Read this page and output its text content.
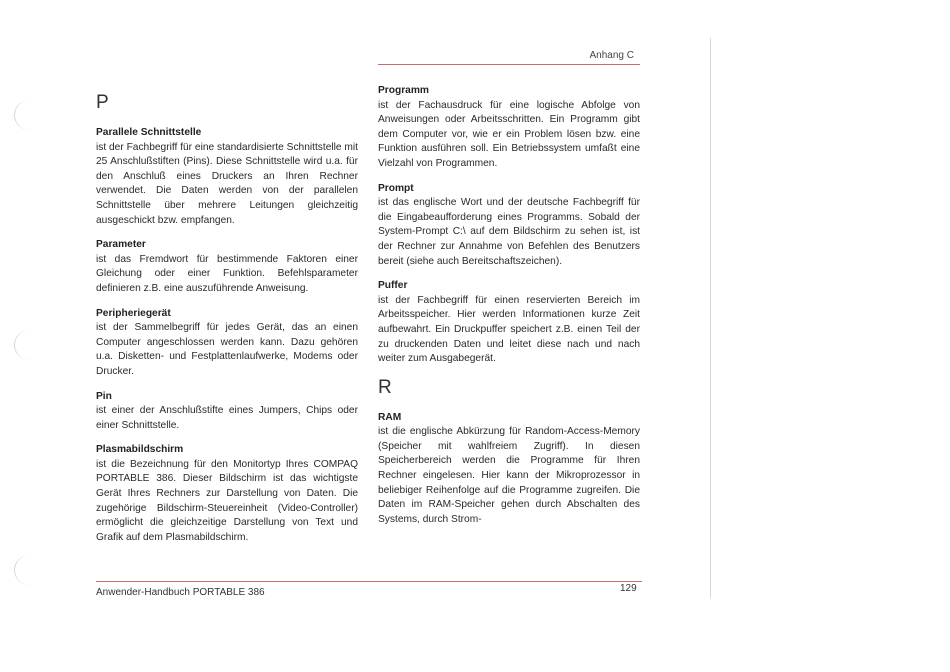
Anhang C
P
Parallele Schnittstelle
ist der Fachbegriff für eine standardisierte Schnittstelle mit 25 Anschlußstiften (Pins). Diese Schnittstelle wird u.a. für den Anschluß eines Druckers an Ihren Rechner verwendet. Die Daten werden von der parallelen Schnittstelle über mehrere Leitungen gleichzeitig ausgeschickt bzw. empfangen.
Parameter
ist das Fremdwort für bestimmende Faktoren einer Gleichung oder einer Funktion. Befehlsparameter definieren z.B. eine auszuführende Anweisung.
Peripheriegerät
ist der Sammelbegriff für jedes Gerät, das an einen Computer angeschlossen werden kann. Dazu gehören u.a. Disketten- und Festplattenlaufwerke, Modems oder Drucker.
Pin
ist einer der Anschlußstifte eines Jumpers, Chips oder einer Schnittstelle.
Plasmabildschirm
ist die Bezeichnung für den Monitortyp Ihres COMPAQ PORTABLE 386. Dieser Bildschirm ist das wichtigste Gerät Ihres Rechners zur Darstellung von Daten. Die zugehörige Bildschirm-Steuereinheit (Video-Controller) ermöglicht die gleichzeitige Darstellung von Text und Grafik auf dem Plasmabildschirm.
Programm
ist der Fachausdruck für eine logische Abfolge von Anweisungen oder Arbeitsschritten. Ein Programm gibt dem Computer vor, wie er ein Problem lösen bzw. eine Funktion ausführen soll. Ein Betriebssystem umfaßt eine Vielzahl von Programmen.
Prompt
ist das englische Wort und der deutsche Fachbegriff für die Eingabeaufforderung eines Programms. Sobald der System-Prompt C:\ auf dem Bildschirm zu sehen ist, ist der Rechner zur Annahme von Befehlen des Benutzers bereit (siehe auch Bereitschaftszeichen).
Puffer
ist der Fachbegriff für einen reservierten Bereich im Arbeitsspeicher. Hier werden Informationen kurze Zeit aufbewahrt. Ein Druckpuffer speichert z.B. einen Teil der zu druckenden Daten und leitet diese nach und nach weiter zum Ausgabegerät.
R
RAM
ist die englische Abkürzung für Random-Access-Memory (Speicher mit wahlfreiem Zugriff). In diesen Speicherbereich werden die Programme für Ihren Rechner eingelesen. Hier kann der Mikroprozessor in beliebiger Reihenfolge auf die Programme zugreifen. Die Daten im RAM-Speicher gehen durch Abschalten des Systems, durch Strom-
Anwender-Handbuch PORTABLE 386	129
